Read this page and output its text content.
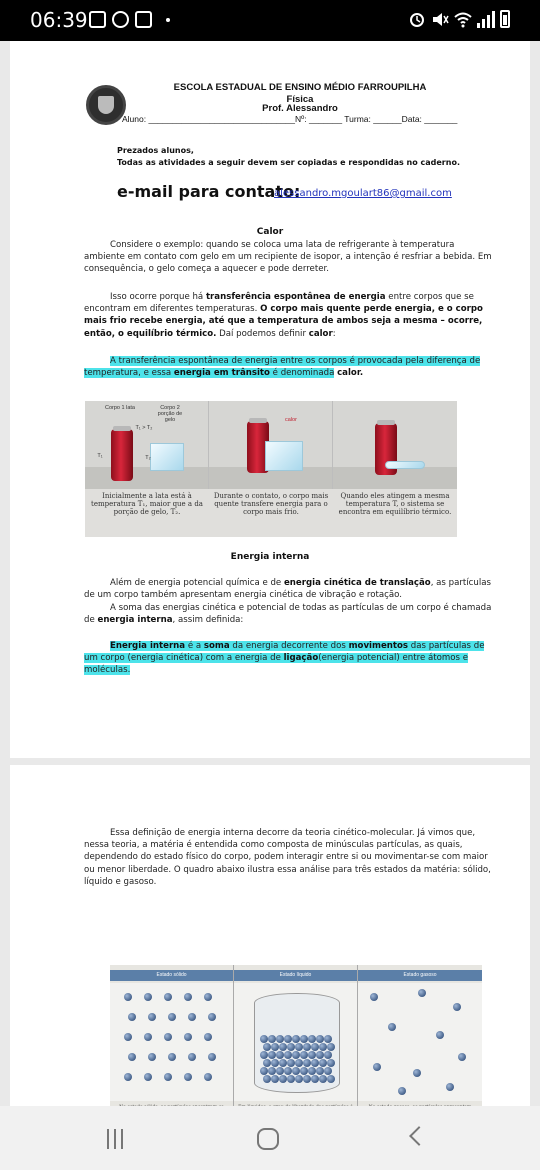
06:39
ESCOLA ESTADUAL DE ENSINO MÉDIO FARROUPILHA
Física
Prof. Alessandro
Aluno: _______________________________Nº: _______ Turma: ______Data: _______
Prezados alunos,
Todas as atividades a seguir devem ser copiadas e respondidas no caderno.
e-mail para contato:
alessandro.mgoulart86@gmail.com
Calor
Considere o exemplo: quando se coloca uma lata de refrigerante à temperatura ambiente em contato com gelo em um recipiente de isopor, a intenção é resfriar a bebida. Em consequência, o gelo começa a aquecer e pode derreter.
Isso ocorre porque há transferência espontânea de energia entre corpos que se encontram em diferentes temperaturas. O corpo mais quente perde energia, e o corpo mais frio recebe energia, até que a temperatura de ambos seja a mesma – ocorre, então, o equilíbrio térmico. Daí podemos definir calor:
A transferência espontânea de energia entre os corpos é provocada pela diferença de temperatura, e essa energia em trânsito é denominada calor.
Corpo 1 lata	Corpo 2 porção de gelo
T₁ > T₂
T₁	T₂
calor
Inicialmente a lata está à temperatura T₁, maior que a da porção de gelo, T₂.
Durante o contato, o corpo mais quente transfere energia para o corpo mais frio.
Quando eles atingem a mesma temperatura T, o sistema se encontra em equilíbrio térmico.
Energia interna
Além de energia potencial química e de energia cinética de translação, as partículas de um corpo também apresentam energia cinética de vibração e rotação.
A soma das energias cinética e potencial de todas as partículas de um corpo é chamada de energia interna, assim definida:
Energia interna é a soma da energia decorrente dos movimentos das partículas de um corpo (energia cinética) com a energia de ligação(energia potencial) entre átomos e moléculas.
Essa definição de energia interna decorre da teoria cinético-molecular. Já vimos que, nessa teoria, a matéria é entendida como composta de minúsculas partículas, as quais, dependendo do estado físico do corpo, podem interagir entre si ou movimentar-se com maior ou menor liberdade. O quadro abaixo ilustra essa análise para três estados da matéria: sólido, líquido e gasoso.
Estado sólido	Estado líquido	Estado gasoso
